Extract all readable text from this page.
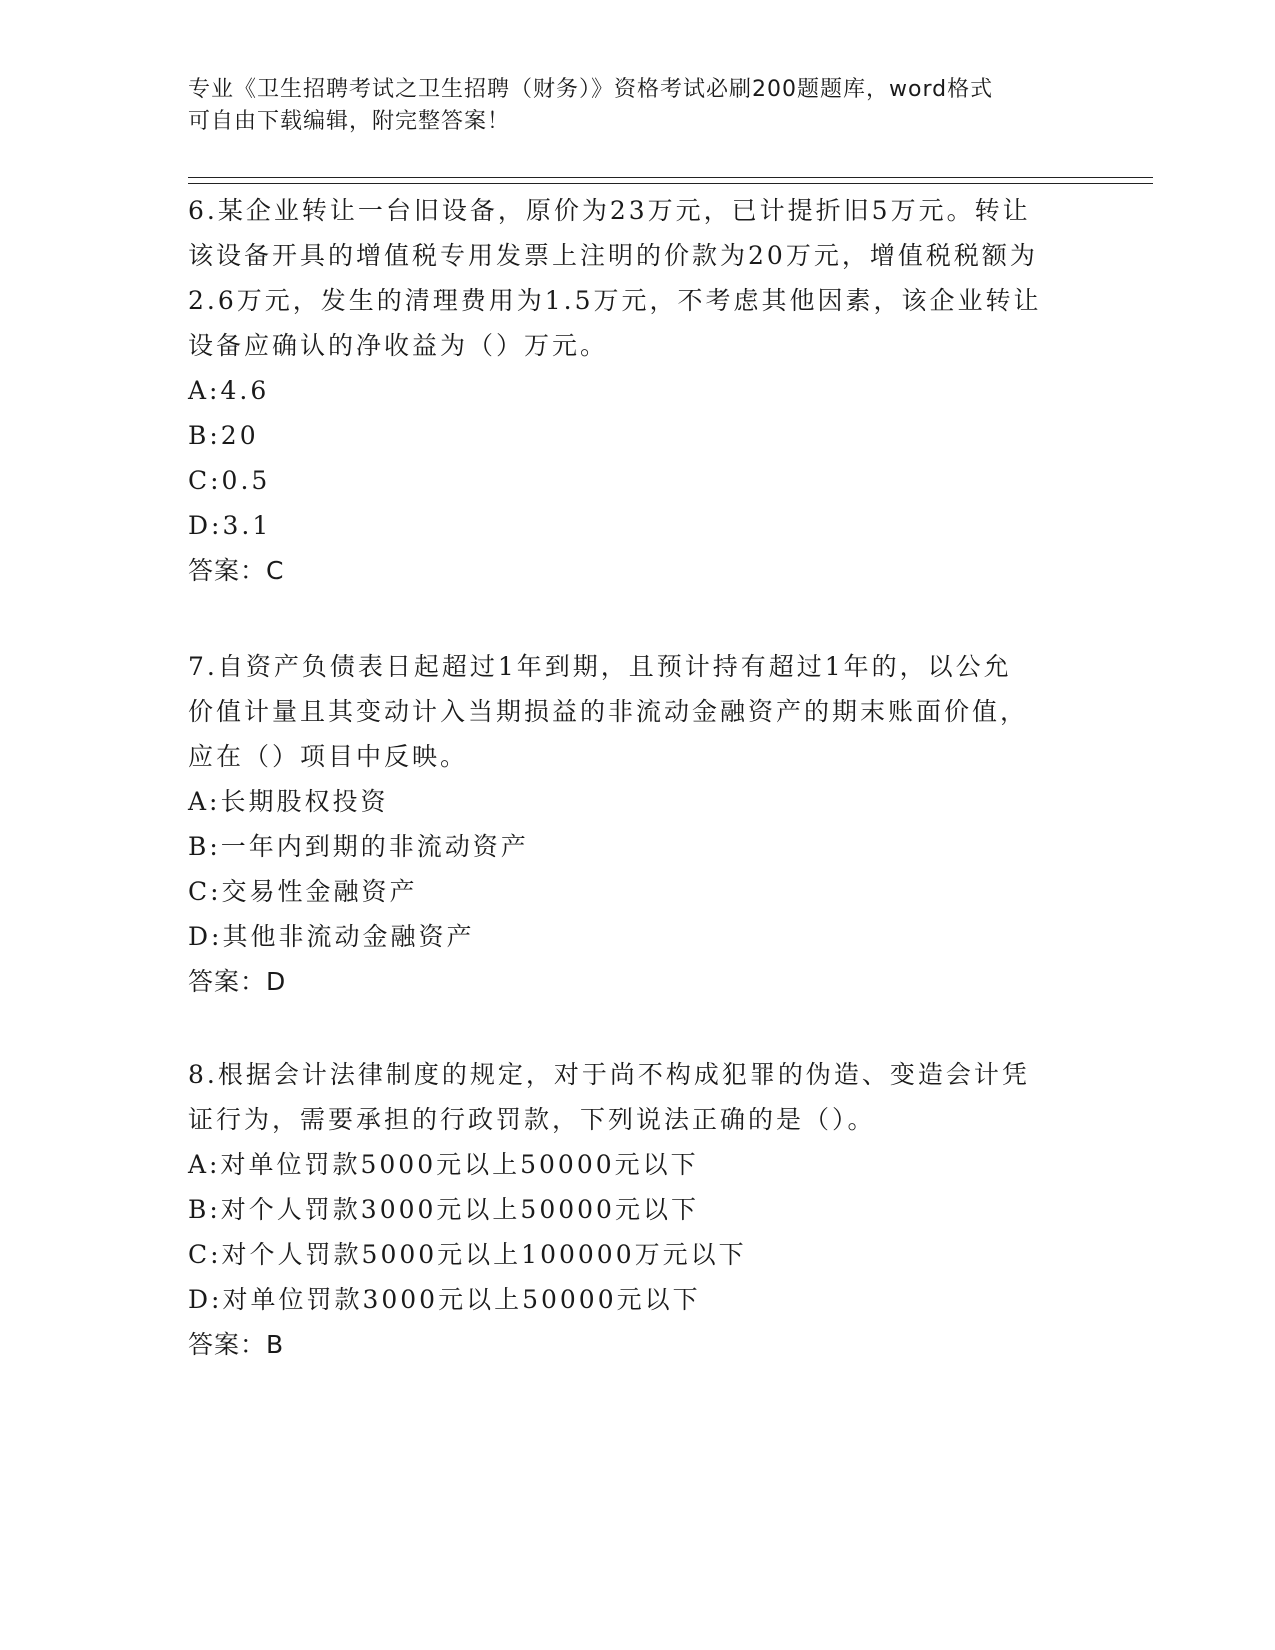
专业《卫生招聘考试之卫生招聘（财务）》资格考试必刷200题题库，word格式

可自由下载编辑，附完整答案！

6.某企业转让一台旧设备，原价为23万元，已计提折旧5万元。转让
该设备开具的增值税专用发票上注明的价款为20万元，增值税税额为
2.6万元，发生的清理费用为1.5万元，不考虑其他因素，该企业转让
设备应确认的净收益为（）万元。
A:4.6
B:20
C:0.5
D:3.1
答案：C
7.自资产负债表日起超过1年到期，且预计持有超过1年的，以公允
价值计量且其变动计入当期损益的非流动金融资产的期末账面价值，
应在（）项目中反映。
A:长期股权投资
B:一年内到期的非流动资产
C:交易性金融资产
D:其他非流动金融资产
答案：D
8.根据会计法律制度的规定，对于尚不构成犯罪的伪造、变造会计凭
证行为，需要承担的行政罚款，下列说法正确的是（）。
A:对单位罚款5000元以上50000元以下
B:对个人罚款3000元以上50000元以下
C:对个人罚款5000元以上100000万元以下
D:对单位罚款3000元以上50000元以下
答案：B
